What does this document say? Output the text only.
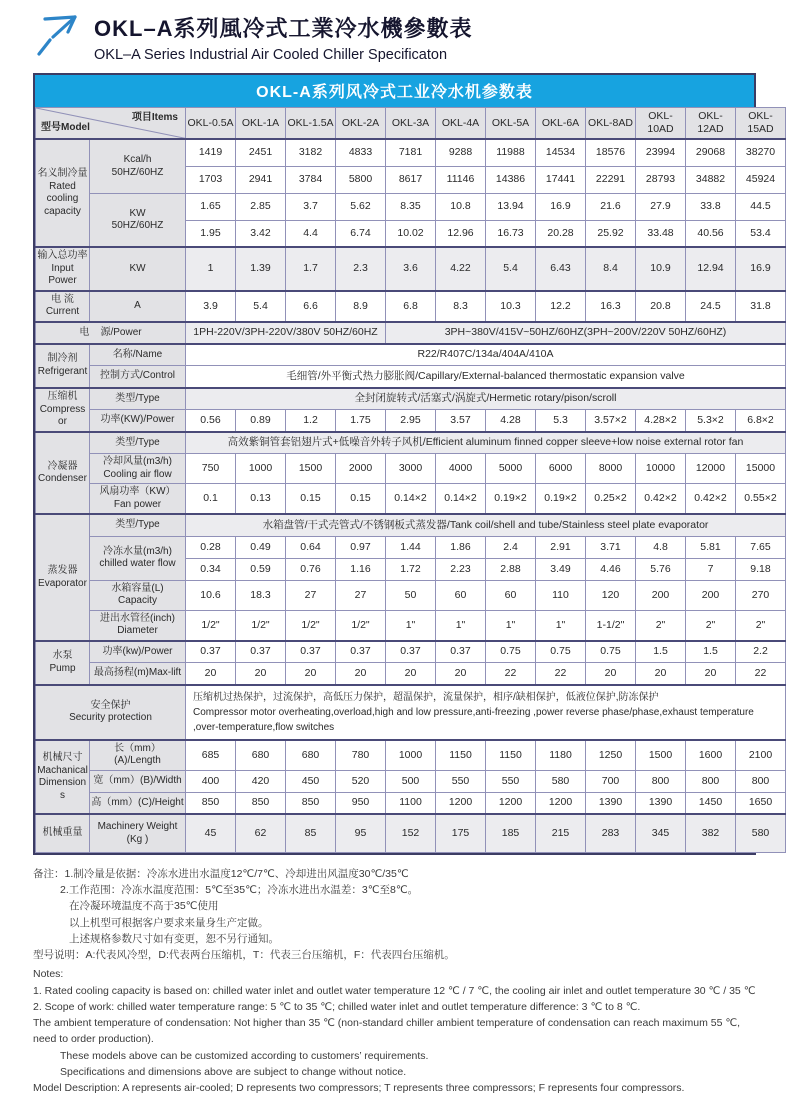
OKL–A系列風冷式工業冷水機參數表
OKL–A Series Industrial Air Cooled Chiller Specificaton
OKL-A系列风冷式工业冷水机参数表
型号Model
项目Items		OKL-0.5A	OKL-1A	OKL-1.5A	OKL-2A	OKL-3A	OKL-4A	OKL-5A	OKL-6A	OKL-8AD	OKL-10AD	OKL-12AD	OKL-15AD
名义制冷量
Rated
cooling
capacity	Kcal/h
50HZ/60HZ	1419	2451	3182	4833	7181	9288	11988	14534	18576	23994	29068	38270
		1703	2941	3784	5800	8617	11146	14386	17441	22291	28793	34882	45924
	KW
50HZ/60HZ	1.65	2.85	3.7	5.62	8.35	10.8	13.94	16.9	21.6	27.9	33.8	44.5
		1.95	3.42	4.4	6.74	10.02	12.96	16.73	20.28	25.92	33.48	40.56	53.4
输入总功率
Input Power	KW	1	1.39	1.7	2.3	3.6	4.22	5.4	6.43	8.4	10.9	12.94	16.9
电 流
Current	A	3.9	5.4	6.6	8.9	6.8	8.3	10.3	12.2	16.3	20.8	24.5	31.8
电    源/Power		1PH-220V/3PH-220V/380V 50HZ/60HZ				3PH~380V/415V~50HZ/60HZ(3PH~200V/220V 50HZ/60HZ)							
制冷剂
Refrigerant	名称/Name	R22/R407C/134a/404A/410A											
	控制方式/Control	毛细管/外平衡式热力膨胀阀/Capillary/External-balanced thermostatic expansion valve											
压缩机
Compressor	类型/Type	全封闭旋转式/活塞式/涡旋式/Hermetic rotary/pison/scroll											
	功率(KW)/Power	0.56	0.89	1.2	1.75	2.95	3.57	4.28	5.3	3.57×2	4.28×2	5.3×2	6.8×2
冷凝器
Condenser	类型/Type	高效紫铜管套铝翅片式+低噪音外转子风机/Efficient aluminum finned copper sleeve+low noise external rotor fan											
	冷却风量(m3/h)
Cooling air flow	750	1000	1500	2000	3000	4000	5000	6000	8000	10000	12000	15000
	风扇功率（KW）
Fan power	0.1	0.13	0.15	0.15	0.14×2	0.14×2	0.19×2	0.19×2	0.25×2	0.42×2	0.42×2	0.55×2
蒸发器
Evaporator	类型/Type	水箱盘管/干式壳管式/不锈钢板式蒸发器/Tank coil/shell and tube/Stainless steel plate evaporator											
	冷冻水量(m3/h)
chilled water flow	0.28	0.49	0.64	0.97	1.44	1.86	2.4	2.91	3.71	4.8	5.81	7.65
		0.34	0.59	0.76	1.16	1.72	2.23	2.88	3.49	4.46	5.76	7	9.18
	水箱容量(L)
Capacity	10.6	18.3	27	27	50	60	60	110	120	200	200	270
	进出水管径(inch)
Diameter	1/2"	1/2"	1/2"	1/2"	1"	1"	1"	1"	1-1/2"	2"	2"	2"
水泵
Pump	功率(kw)/Power	0.37	0.37	0.37	0.37	0.37	0.37	0.75	0.75	0.75	1.5	1.5	2.2
	最高扬程(m)Max-lift	20	20	20	20	20	20	22	22	20	20	20	22
安全保护
Security protection		压缩机过热保护，过流保护，高低压力保护，超温保护，流量保护，相序/缺相保护，低液位保护,防冻保护
Compressor motor overheating,overload,high and low pressure,anti-freezing ,power reverse phase/phase,exhaust temperature ,over-temperature,flow switches											
机械尺寸
Machanical
Dimensions	长（mm）(A)/Length	685	680	680	780	1000	1150	1150	1180	1250	1500	1600	2100
	宽（mm）(B)/Width	400	420	450	520	500	550	550	580	700	800	800	800
	高（mm）(C)/Height	850	850	850	950	1100	1200	1200	1200	1390	1390	1450	1650
机械重量	Machinery Weight
(Kg )	45	62	85	95	152	175	185	215	283	345	382	580
备注：1.制冷量是依据：冷冻水进出水温度12℃/7℃、冷却进出风温度30℃/35℃
2.工作范围：冷冻水温度范围：5℃至35℃；冷冻水进出水温差：3℃至8℃。
在冷凝环境温度不高于35℃使用
以上机型可根据客户要求来量身生产定做。
上述规格参数尺寸如有变更，恕不另行通知。
型号说明：A:代表风冷型，D:代表两台压缩机，T：代表三台压缩机，F：代表四台压缩机。
Notes:
1. Rated cooling capacity is based on: chilled water inlet and outlet water temperature 12 ℃ / 7 ℃, the cooling air inlet and outlet temperature 30 ℃ / 35 ℃
2. Scope of work: chilled water temperature range: 5 ℃ to 35 ℃; chilled water inlet and outlet temperature difference: 3 ℃ to 8 ℃.
The ambient temperature of condensation: Not higher than 35 ℃ (non-standard chiller ambient temperature of condensation can reach maximum 55 ℃, need to order production).
These models above can be customized according to customers’ requirements.
Specifications and dimensions above are subject to change without notice.
Model Description: A represents air-cooled; D represents two compressors; T represents three compressors; F represents four compressors.
